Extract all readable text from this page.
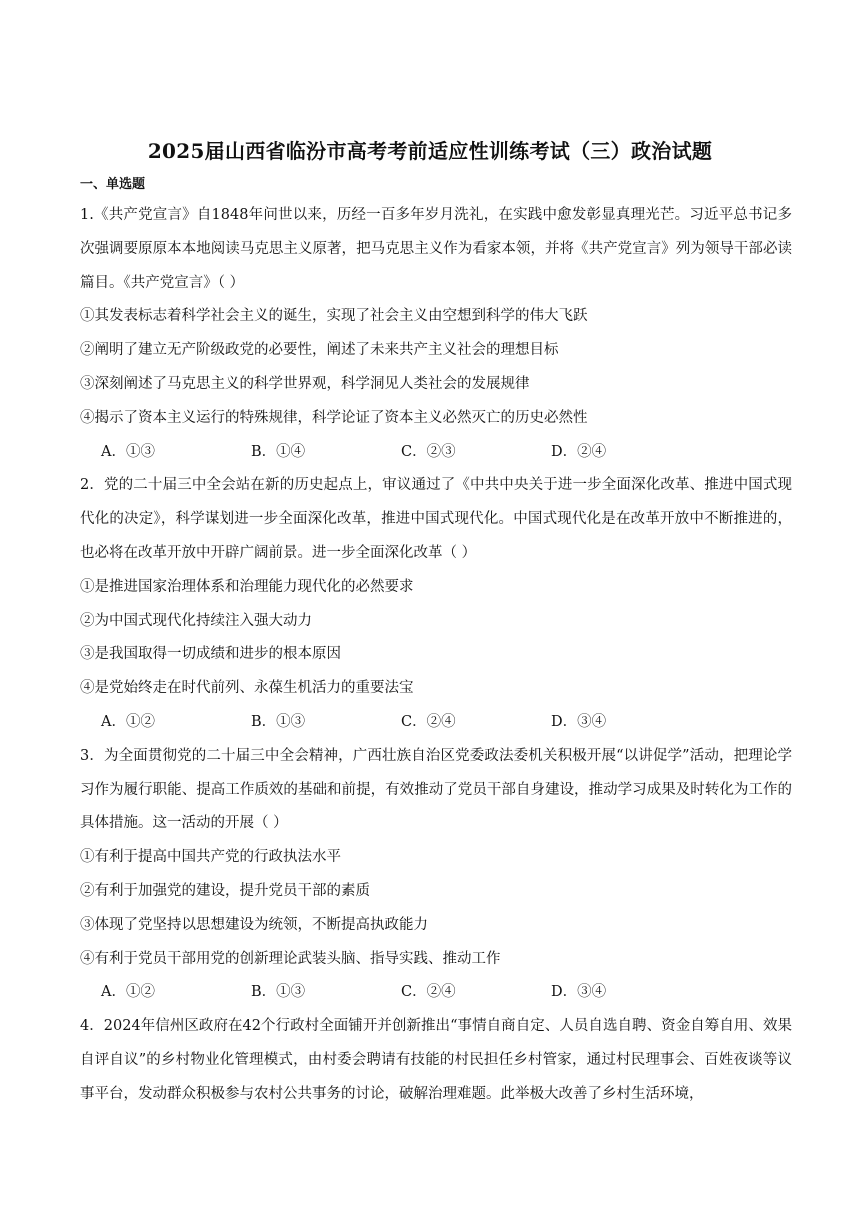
2025届山西省临汾市高考考前适应性训练考试（三）政治试题
一、单选题

1.《共产党宣言》自1848年问世以来，历经一百多年岁月洗礼，在实践中愈发彰显真理光芒。习近平总书记多次强调要原原本本地阅读马克思主义原著，把马克思主义作为看家本领，并将《共产党宣言》列为领导干部必读篇目。《共产党宣言》（ ）

①其发表标志着科学社会主义的诞生，实现了社会主义由空想到科学的伟大飞跃

②阐明了建立无产阶级政党的必要性，阐述了未来共产主义社会的理想目标

③深刻阐述了马克思主义的科学世界观，科学洞见人类社会的发展规律

④揭示了资本主义运行的特殊规律，科学论证了资本主义必然灭亡的历史必然性

A．①③	B．①④	C．②③	D．②④

2．党的二十届三中全会站在新的历史起点上，审议通过了《中共中央关于进一步全面深化改革、推进中国式现代化的决定》，科学谋划进一步全面深化改革，推进中国式现代化。中国式现代化是在改革开放中不断推进的，也必将在改革开放中开辟广阔前景。进一步全面深化改革（ ）

①是推进国家治理体系和治理能力现代化的必然要求

②为中国式现代化持续注入强大动力

③是我国取得一切成绩和进步的根本原因

④是党始终走在时代前列、永葆生机活力的重要法宝

A．①②	B．①③	C．②④	D．③④

3．为全面贯彻党的二十届三中全会精神，广西壮族自治区党委政法委机关积极开展“以讲促学”活动，把理论学习作为履行职能、提高工作质效的基础和前提，有效推动了党员干部自身建设，推动学习成果及时转化为工作的具体措施。这一活动的开展（ ）

①有利于提高中国共产党的行政执法水平

②有利于加强党的建设，提升党员干部的素质

③体现了党坚持以思想建设为统领，不断提高执政能力

④有利于党员干部用党的创新理论武装头脑、指导实践、推动工作

A．①②	B．①③	C．②④	D．③④

4．2024年信州区政府在42个行政村全面铺开并创新推出“事情自商自定、人员自选自聘、资金自筹自用、效果自评自议”的乡村物业化管理模式，由村委会聘请有技能的村民担任乡村管家，通过村民理事会、百姓夜谈等议事平台，发动群众积极参与农村公共事务的讨论，破解治理难题。此举极大改善了乡村生活环境，
